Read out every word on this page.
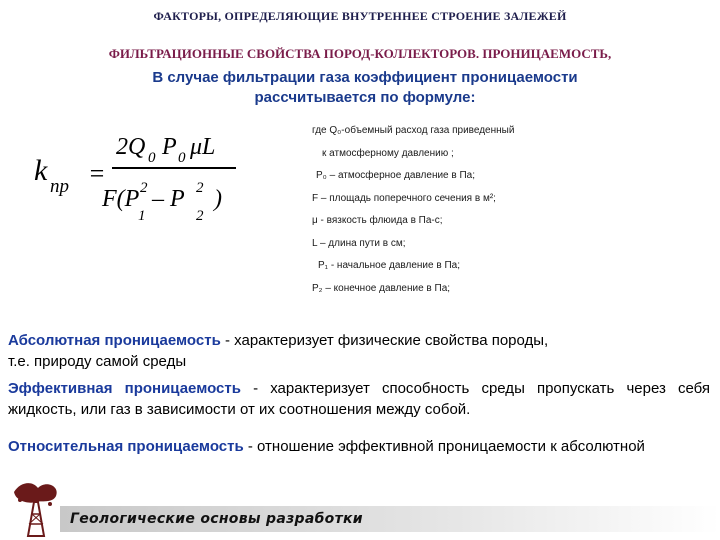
ФАКТОРЫ, ОПРЕДЕЛЯЮЩИЕ ВНУТРЕННЕЕ СТРОЕНИЕ ЗАЛЕЖЕЙ
ФИЛЬТРАЦИОННЫЕ СВОЙСТВА ПОРОД-КОЛЛЕКТОРОВ. ПРОНИЦАЕМОСТЬ,
В случае фильтрации газа коэффициент проницаемости
рассчитывается по формуле:
k пр =
2Q 0 P 0 μL
F(P 2
1
– P 2
2
)
где Q₀-объемный расход газа приведенный
к атмосферному давлению ;
P₀ – атмосферное давление в Па;
F – площадь поперечного сечения в м²;
μ - вязкость флюида в Па-с;
L – длина пути в см;
P₁ - начальное давление в Па;
P₂ – конечное давление в Па;
Абсолютная проницаемость - характеризует физические свойства породы,
т.е. природу самой среды
Эффективная проницаемость - характеризует способность среды пропускать через себя жидкость, или газ в зависимости от их соотношения между собой.
Относительная проницаемость - отношение эффективной проницаемости к абсолютной
Геологические основы разработки
